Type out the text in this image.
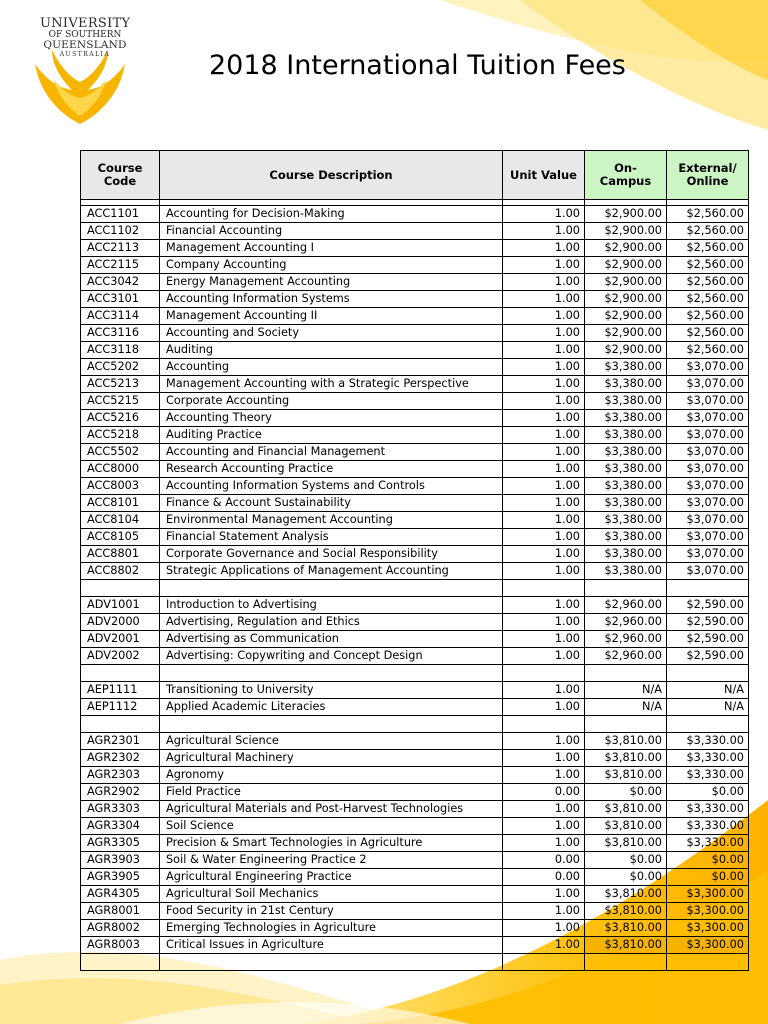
UNIVERSITY
OF SOUTHERN
QUEENSLAND
AUSTRALIA	2018 International Tuition Fees
Course Code	Course Description	Unit Value	On-Campus	External/ Online

ACC1101	Accounting for Decision-Making	1.00	$2,900.00	$2,560.00
ACC1102	Financial Accounting	1.00	$2,900.00	$2,560.00
ACC2113	Management Accounting I	1.00	$2,900.00	$2,560.00
ACC2115	Company Accounting	1.00	$2,900.00	$2,560.00
ACC3042	Energy Management Accounting	1.00	$2,900.00	$2,560.00
ACC3101	Accounting Information Systems	1.00	$2,900.00	$2,560.00
ACC3114	Management Accounting II	1.00	$2,900.00	$2,560.00
ACC3116	Accounting and Society	1.00	$2,900.00	$2,560.00
ACC3118	Auditing	1.00	$2,900.00	$2,560.00
ACC5202	Accounting	1.00	$3,380.00	$3,070.00
ACC5213	Management Accounting with a Strategic Perspective	1.00	$3,380.00	$3,070.00
ACC5215	Corporate Accounting	1.00	$3,380.00	$3,070.00
ACC5216	Accounting Theory	1.00	$3,380.00	$3,070.00
ACC5218	Auditing Practice	1.00	$3,380.00	$3,070.00
ACC5502	Accounting and Financial Management	1.00	$3,380.00	$3,070.00
ACC8000	Research Accounting Practice	1.00	$3,380.00	$3,070.00
ACC8003	Accounting Information Systems and Controls	1.00	$3,380.00	$3,070.00
ACC8101	Finance & Account Sustainability	1.00	$3,380.00	$3,070.00
ACC8104	Environmental Management Accounting	1.00	$3,380.00	$3,070.00
ACC8105	Financial Statement Analysis	1.00	$3,380.00	$3,070.00
ACC8801	Corporate Governance and Social Responsibility	1.00	$3,380.00	$3,070.00
ACC8802	Strategic Applications of Management Accounting	1.00	$3,380.00	$3,070.00

ADV1001	Introduction to Advertising	1.00	$2,960.00	$2,590.00
ADV2000	Advertising, Regulation and Ethics	1.00	$2,960.00	$2,590.00
ADV2001	Advertising as Communication	1.00	$2,960.00	$2,590.00
ADV2002	Advertising: Copywriting and Concept Design	1.00	$2,960.00	$2,590.00

AEP1111	Transitioning to University	1.00	N/A	N/A
AEP1112	Applied Academic Literacies	1.00	N/A	N/A

AGR2301	Agricultural Science	1.00	$3,810.00	$3,330.00
AGR2302	Agricultural Machinery	1.00	$3,810.00	$3,330.00
AGR2303	Agronomy	1.00	$3,810.00	$3,330.00
AGR2902	Field Practice	0.00	$0.00	$0.00
AGR3303	Agricultural Materials and Post-Harvest Technologies	1.00	$3,810.00	$3,330.00
AGR3304	Soil Science	1.00	$3,810.00	$3,330.00
AGR3305	Precision & Smart Technologies in Agriculture	1.00	$3,810.00	$3,330.00
AGR3903	Soil & Water Engineering Practice 2	0.00	$0.00	$0.00
AGR3905	Agricultural Engineering Practice	0.00	$0.00	$0.00
AGR4305	Agricultural Soil Mechanics	1.00	$3,810.00	$3,300.00
AGR8001	Food Security in 21st Century	1.00	$3,810.00	$3,300.00
AGR8002	Emerging Technologies in Agriculture	1.00	$3,810.00	$3,300.00
AGR8003	Critical Issues in Agriculture	1.00	$3,810.00	$3,300.00
